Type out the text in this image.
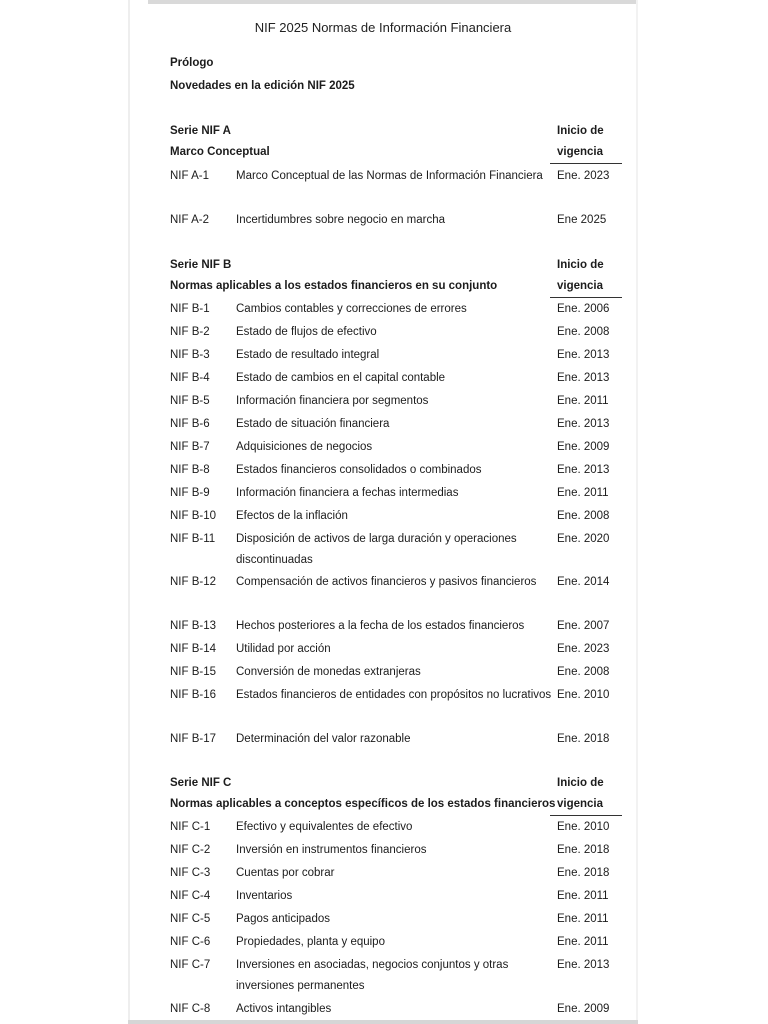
NIF 2025 Normas de Información Financiera
Prólogo
Novedades en la edición NIF 2025
Serie NIF A
Marco Conceptual
Inicio de
vigencia
NIF A-1	Marco Conceptual de las Normas de Información Financiera	Ene. 2023
NIF A-2	Incertidumbres sobre negocio en marcha	Ene 2025
Serie NIF B
Normas aplicables a los estados financieros en su conjunto
Inicio de
vigencia
NIF B-1	Cambios contables y correcciones de errores	Ene. 2006
NIF B-2	Estado de flujos de efectivo	Ene. 2008
NIF B-3	Estado de resultado integral	Ene. 2013
NIF B-4	Estado de cambios en el capital contable	Ene. 2013
NIF B-5	Información financiera por segmentos	Ene. 2011
NIF B-6	Estado de situación financiera	Ene. 2013
NIF B-7	Adquisiciones de negocios	Ene. 2009
NIF B-8	Estados financieros consolidados o combinados	Ene. 2013
NIF B-9	Información financiera a fechas intermedias	Ene. 2011
NIF B-10	Efectos de la inflación	Ene. 2008
NIF B-11	Disposición de activos de larga duración y operaciones discontinuadas
Ene. 2020
NIF B-12	Compensación de activos financieros y pasivos financieros	Ene. 2014
NIF B-13	Hechos posteriores a la fecha de los estados financieros	Ene. 2007
NIF B-14	Utilidad por acción	Ene. 2023
NIF B-15	Conversión de monedas extranjeras	Ene. 2008
NIF B-16	Estados financieros de entidades con propósitos no lucrativos Ene. 2010
NIF B-17	Determinación del valor razonable	Ene. 2018
Serie NIF C
Normas aplicables a conceptos específicos de los estados financieros
Inicio de
vigencia
NIF C-1	Efectivo y equivalentes de efectivo	Ene. 2010
NIF C-2	Inversión en instrumentos financieros	Ene. 2018
NIF C-3	Cuentas por cobrar	Ene. 2018
NIF C-4	Inventarios	Ene. 2011
NIF C-5	Pagos anticipados	Ene. 2011
NIF C-6	Propiedades, planta y equipo	Ene. 2011
NIF C-7	Inversiones en asociadas, negocios conjuntos y otras inversiones permanentes
Ene. 2013
NIF C-8	Activos intangibles	Ene. 2009
